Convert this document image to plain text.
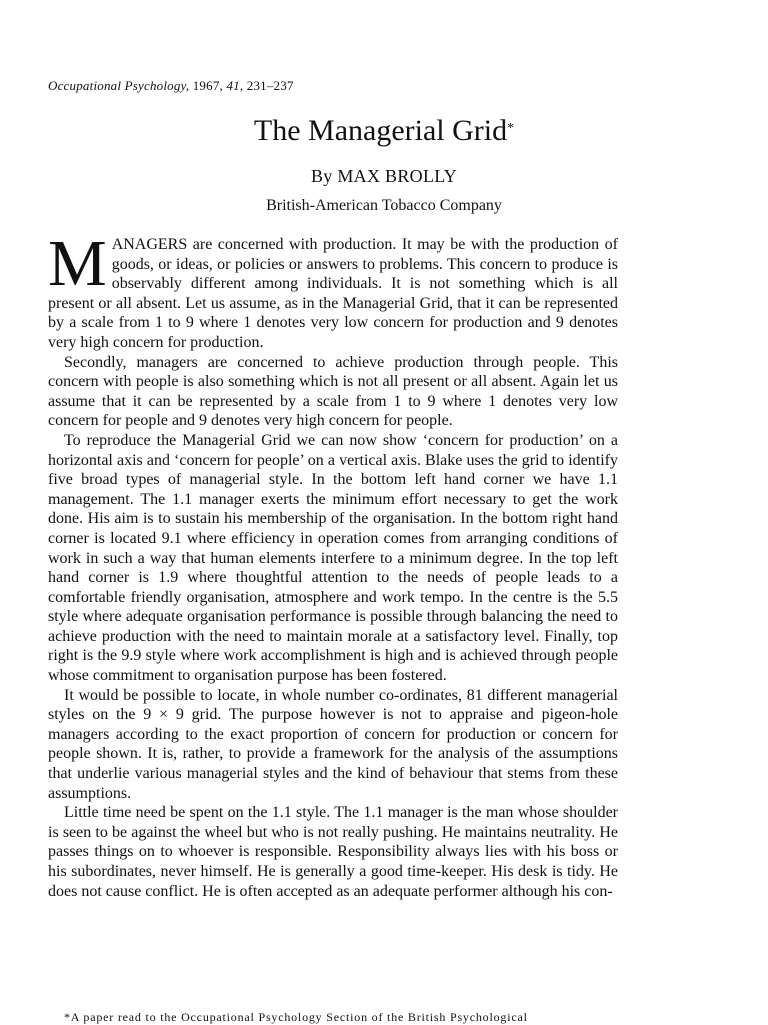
Occupational Psychology, 1967, 41, 231–237
The Managerial Grid*
By MAX BROLLY
British-American Tobacco Company

MANAGERS are concerned with production. It may be with the production of goods, or ideas, or policies or answers to problems. This concern to produce is observably different among individuals. It is not something which is all present or all absent. Let us assume, as in the Managerial Grid, that it can be represented by a scale from 1 to 9 where 1 denotes very low concern for production and 9 denotes very high concern for production.

Secondly, managers are concerned to achieve production through people. This concern with people is also something which is not all present or all absent. Again let us assume that it can be represented by a scale from 1 to 9 where 1 denotes very low concern for people and 9 denotes very high concern for people.

To reproduce the Managerial Grid we can now show ‘concern for production’ on a horizontal axis and ‘concern for people’ on a vertical axis. Blake uses the grid to identify five broad types of managerial style. In the bottom left hand corner we have 1.1 management. The 1.1 manager exerts the minimum effort necessary to get the work done. His aim is to sustain his membership of the organisation. In the bottom right hand corner is located 9.1 where efficiency in operation comes from arranging conditions of work in such a way that human elements interfere to a minimum degree. In the top left hand corner is 1.9 where thoughtful attention to the needs of people leads to a comfortable friendly organisation, atmosphere and work tempo. In the centre is the 5.5 style where adequate organisation performance is possible through balancing the need to achieve production with the need to maintain morale at a satisfactory level. Finally, top right is the 9.9 style where work accomplishment is high and is achieved through people whose commitment to organisation purpose has been fostered.

It would be possible to locate, in whole number co-ordinates, 81 different managerial styles on the 9 × 9 grid. The purpose however is not to appraise and pigeon-hole managers according to the exact proportion of concern for production or concern for people shown. It is, rather, to provide a framework for the analysis of the assumptions that underlie various managerial styles and the kind of behaviour that stems from these assumptions.

Little time need be spent on the 1.1 style. The 1.1 manager is the man whose shoulder is seen to be against the wheel but who is not really pushing. He maintains neutrality. He passes things on to whoever is responsible. Responsibility always lies with his boss or his subordinates, never himself. He is generally a good time-keeper. His desk is tidy. He does not cause conflict. He is often accepted as an adequate performer although his con-

*A paper read to the Occupational Psychology Section of the British Psychological
